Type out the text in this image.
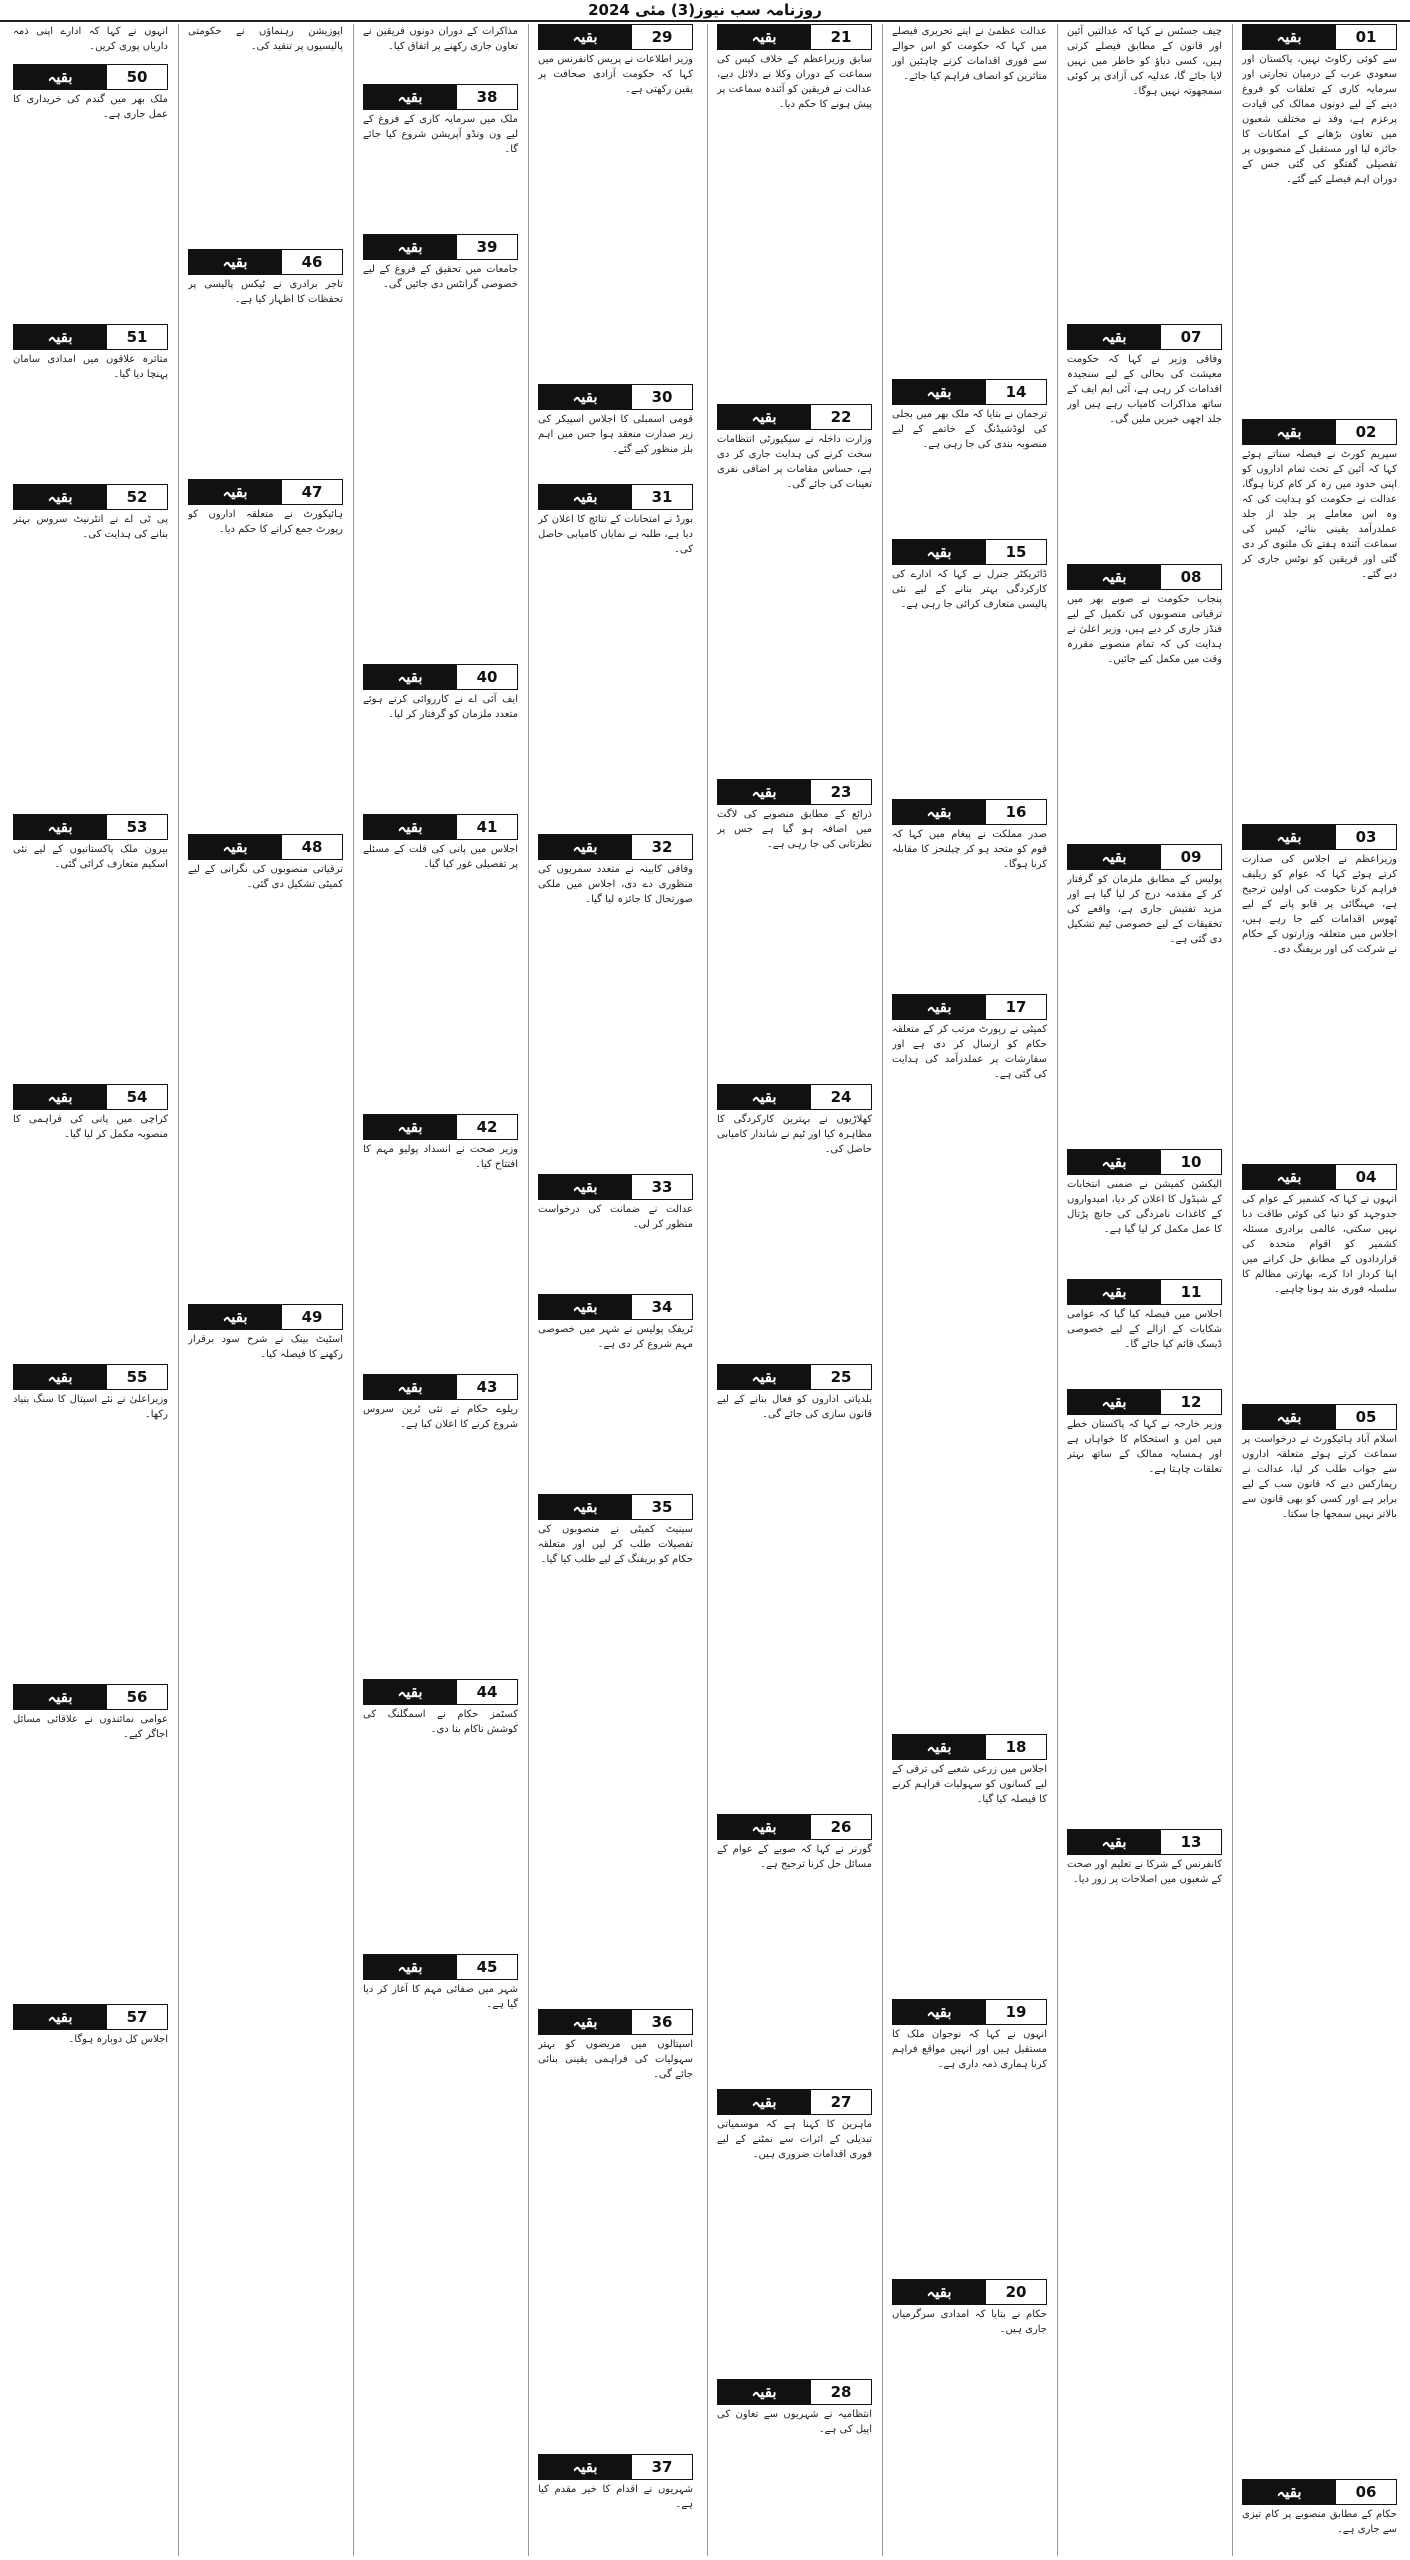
روزنامہ سب نیوز(3) مئی 2024
بقیہ	01
سے کوئی رکاوٹ نہیں، پاکستان اور سعودی عرب کے درمیان تجارتی اور سرمایہ کاری کے تعلقات کو فروغ دینے کے لیے دونوں ممالک کی قیادت پرعزم ہے، وفد نے مختلف شعبوں میں تعاون بڑھانے کے امکانات کا جائزہ لیا اور مستقبل کے منصوبوں پر تفصیلی گفتگو کی گئی جس کے دوران اہم فیصلے کیے گئے۔
بقیہ	02
سپریم کورٹ نے فیصلہ سناتے ہوئے کہا کہ آئین کے تحت تمام اداروں کو اپنی حدود میں رہ کر کام کرنا ہوگا، عدالت نے حکومت کو ہدایت کی کہ وہ اس معاملے پر جلد از جلد عملدرآمد یقینی بنائے، کیس کی سماعت آئندہ ہفتے تک ملتوی کر دی گئی اور فریقین کو نوٹس جاری کر دیے گئے۔
بقیہ	03
وزیراعظم نے اجلاس کی صدارت کرتے ہوئے کہا کہ عوام کو ریلیف فراہم کرنا حکومت کی اولین ترجیح ہے، مہنگائی پر قابو پانے کے لیے ٹھوس اقدامات کیے جا رہے ہیں، اجلاس میں متعلقہ وزارتوں کے حکام نے شرکت کی اور بریفنگ دی۔
بقیہ	04
انہوں نے کہا کہ کشمیر کے عوام کی جدوجہد کو دنیا کی کوئی طاقت دبا نہیں سکتی، عالمی برادری مسئلہ کشمیر کو اقوام متحدہ کی قراردادوں کے مطابق حل کرانے میں اپنا کردار ادا کرے، بھارتی مظالم کا سلسلہ فوری بند ہونا چاہیے۔
بقیہ	05
اسلام آباد ہائیکورٹ نے درخواست پر سماعت کرتے ہوئے متعلقہ اداروں سے جواب طلب کر لیا، عدالت نے ریمارکس دیے کہ قانون سب کے لیے برابر ہے اور کسی کو بھی قانون سے بالاتر نہیں سمجھا جا سکتا۔
بقیہ	06
حکام کے مطابق منصوبے پر کام تیزی سے جاری ہے۔
چیف جسٹس نے کہا کہ عدالتیں آئین اور قانون کے مطابق فیصلے کرتی ہیں، کسی دباؤ کو خاطر میں نہیں لایا جائے گا، عدلیہ کی آزادی پر کوئی سمجھوتہ نہیں ہوگا۔
بقیہ	07
وفاقی وزیر نے کہا کہ حکومت معیشت کی بحالی کے لیے سنجیدہ اقدامات کر رہی ہے، آئی ایم ایف کے ساتھ مذاکرات کامیاب رہے ہیں اور جلد اچھی خبریں ملیں گی۔
بقیہ	08
پنجاب حکومت نے صوبے بھر میں ترقیاتی منصوبوں کی تکمیل کے لیے فنڈز جاری کر دیے ہیں، وزیر اعلیٰ نے ہدایت کی کہ تمام منصوبے مقررہ وقت میں مکمل کیے جائیں۔
بقیہ	09
پولیس کے مطابق ملزمان کو گرفتار کر کے مقدمہ درج کر لیا گیا ہے اور مزید تفتیش جاری ہے، واقعے کی تحقیقات کے لیے خصوصی ٹیم تشکیل دی گئی ہے۔
بقیہ	10
الیکشن کمیشن نے ضمنی انتخابات کے شیڈول کا اعلان کر دیا، امیدواروں کے کاغذات نامزدگی کی جانچ پڑتال کا عمل مکمل کر لیا گیا ہے۔
بقیہ	11
اجلاس میں فیصلہ کیا گیا کہ عوامی شکایات کے ازالے کے لیے خصوصی ڈیسک قائم کیا جائے گا۔
بقیہ	12
وزیر خارجہ نے کہا کہ پاکستان خطے میں امن و استحکام کا خواہاں ہے اور ہمسایہ ممالک کے ساتھ بہتر تعلقات چاہتا ہے۔
بقیہ	13
کانفرنس کے شرکا نے تعلیم اور صحت کے شعبوں میں اصلاحات پر زور دیا۔
عدالت عظمیٰ نے اپنے تحریری فیصلے میں کہا کہ حکومت کو اس حوالے سے فوری اقدامات کرنے چاہئیں اور متاثرین کو انصاف فراہم کیا جائے۔
بقیہ	14
ترجمان نے بتایا کہ ملک بھر میں بجلی کی لوڈشیڈنگ کے خاتمے کے لیے منصوبہ بندی کی جا رہی ہے۔
بقیہ	15
ڈائریکٹر جنرل نے کہا کہ ادارے کی کارکردگی بہتر بنانے کے لیے نئی پالیسی متعارف کرائی جا رہی ہے۔
بقیہ	16
صدر مملکت نے پیغام میں کہا کہ قوم کو متحد ہو کر چیلنجز کا مقابلہ کرنا ہوگا۔
بقیہ	17
کمیٹی نے رپورٹ مرتب کر کے متعلقہ حکام کو ارسال کر دی ہے اور سفارشات پر عملدرآمد کی ہدایت کی گئی ہے۔
بقیہ	18
اجلاس میں زرعی شعبے کی ترقی کے لیے کسانوں کو سہولیات فراہم کرنے کا فیصلہ کیا گیا۔
بقیہ	19
انہوں نے کہا کہ نوجوان ملک کا مستقبل ہیں اور انہیں مواقع فراہم کرنا ہماری ذمہ داری ہے۔
بقیہ	20
حکام نے بتایا کہ امدادی سرگرمیاں جاری ہیں۔
بقیہ	21
سابق وزیراعظم کے خلاف کیس کی سماعت کے دوران وکلا نے دلائل دیے، عدالت نے فریقین کو آئندہ سماعت پر پیش ہونے کا حکم دیا۔
بقیہ	22
وزارت داخلہ نے سیکیورٹی انتظامات سخت کرنے کی ہدایت جاری کر دی ہے، حساس مقامات پر اضافی نفری تعینات کی جائے گی۔
بقیہ	23
ذرائع کے مطابق منصوبے کی لاگت میں اضافہ ہو گیا ہے جس پر نظرثانی کی جا رہی ہے۔
بقیہ	24
کھلاڑیوں نے بہترین کارکردگی کا مظاہرہ کیا اور ٹیم نے شاندار کامیابی حاصل کی۔
بقیہ	25
بلدیاتی اداروں کو فعال بنانے کے لیے قانون سازی کی جائے گی۔
بقیہ	26
گورنر نے کہا کہ صوبے کے عوام کے مسائل حل کرنا ترجیح ہے۔
بقیہ	27
ماہرین کا کہنا ہے کہ موسمیاتی تبدیلی کے اثرات سے نمٹنے کے لیے فوری اقدامات ضروری ہیں۔
بقیہ	28
انتظامیہ نے شہریوں سے تعاون کی اپیل کی ہے۔
بقیہ	29
وزیر اطلاعات نے پریس کانفرنس میں کہا کہ حکومت آزادی صحافت پر یقین رکھتی ہے۔
بقیہ	30
قومی اسمبلی کا اجلاس اسپیکر کی زیر صدارت منعقد ہوا جس میں اہم بلز منظور کیے گئے۔
بقیہ	31
بورڈ نے امتحانات کے نتائج کا اعلان کر دیا ہے، طلبہ نے نمایاں کامیابی حاصل کی۔
بقیہ	32
وفاقی کابینہ نے متعدد سمریوں کی منظوری دے دی، اجلاس میں ملکی صورتحال کا جائزہ لیا گیا۔
بقیہ	33
عدالت نے ضمانت کی درخواست منظور کر لی۔
بقیہ	34
ٹریفک پولیس نے شہر میں خصوصی مہم شروع کر دی ہے۔
بقیہ	35
سینیٹ کمیٹی نے منصوبوں کی تفصیلات طلب کر لیں اور متعلقہ حکام کو بریفنگ کے لیے طلب کیا گیا۔
بقیہ	36
اسپتالوں میں مریضوں کو بہتر سہولیات کی فراہمی یقینی بنائی جائے گی۔
بقیہ	37
شہریوں نے اقدام کا خیر مقدم کیا ہے۔
مذاکرات کے دوران دونوں فریقین نے تعاون جاری رکھنے پر اتفاق کیا۔
بقیہ	38
ملک میں سرمایہ کاری کے فروغ کے لیے ون ونڈو آپریشن شروع کیا جائے گا۔
بقیہ	39
جامعات میں تحقیق کے فروغ کے لیے خصوصی گرانٹس دی جائیں گی۔
بقیہ	40
ایف آئی اے نے کارروائی کرتے ہوئے متعدد ملزمان کو گرفتار کر لیا۔
بقیہ	41
اجلاس میں پانی کی قلت کے مسئلے پر تفصیلی غور کیا گیا۔
بقیہ	42
وزیر صحت نے انسداد پولیو مہم کا افتتاح کیا۔
بقیہ	43
ریلوے حکام نے نئی ٹرین سروس شروع کرنے کا اعلان کیا ہے۔
بقیہ	44
کسٹمز حکام نے اسمگلنگ کی کوشش ناکام بنا دی۔
بقیہ	45
شہر میں صفائی مہم کا آغاز کر دیا گیا ہے۔
اپوزیشن رہنماؤں نے حکومتی پالیسیوں پر تنقید کی۔
بقیہ	46
تاجر برادری نے ٹیکس پالیسی پر تحفظات کا اظہار کیا ہے۔
بقیہ	47
ہائیکورٹ نے متعلقہ اداروں کو رپورٹ جمع کرانے کا حکم دیا۔
بقیہ	48
ترقیاتی منصوبوں کی نگرانی کے لیے کمیٹی تشکیل دی گئی۔
بقیہ	49
اسٹیٹ بینک نے شرح سود برقرار رکھنے کا فیصلہ کیا۔
انہوں نے کہا کہ ادارے اپنی ذمہ داریاں پوری کریں۔
بقیہ	50
ملک بھر میں گندم کی خریداری کا عمل جاری ہے۔
بقیہ	51
متاثرہ علاقوں میں امدادی سامان پہنچا دیا گیا۔
بقیہ	52
پی ٹی اے نے انٹرنیٹ سروس بہتر بنانے کی ہدایت کی۔
بقیہ	53
بیرون ملک پاکستانیوں کے لیے نئی اسکیم متعارف کرائی گئی۔
بقیہ	54
کراچی میں پانی کی فراہمی کا منصوبہ مکمل کر لیا گیا۔
بقیہ	55
وزیراعلیٰ نے نئے اسپتال کا سنگ بنیاد رکھا۔
بقیہ	56
عوامی نمائندوں نے علاقائی مسائل اجاگر کیے۔
بقیہ	57
اجلاس کل دوبارہ ہوگا۔
